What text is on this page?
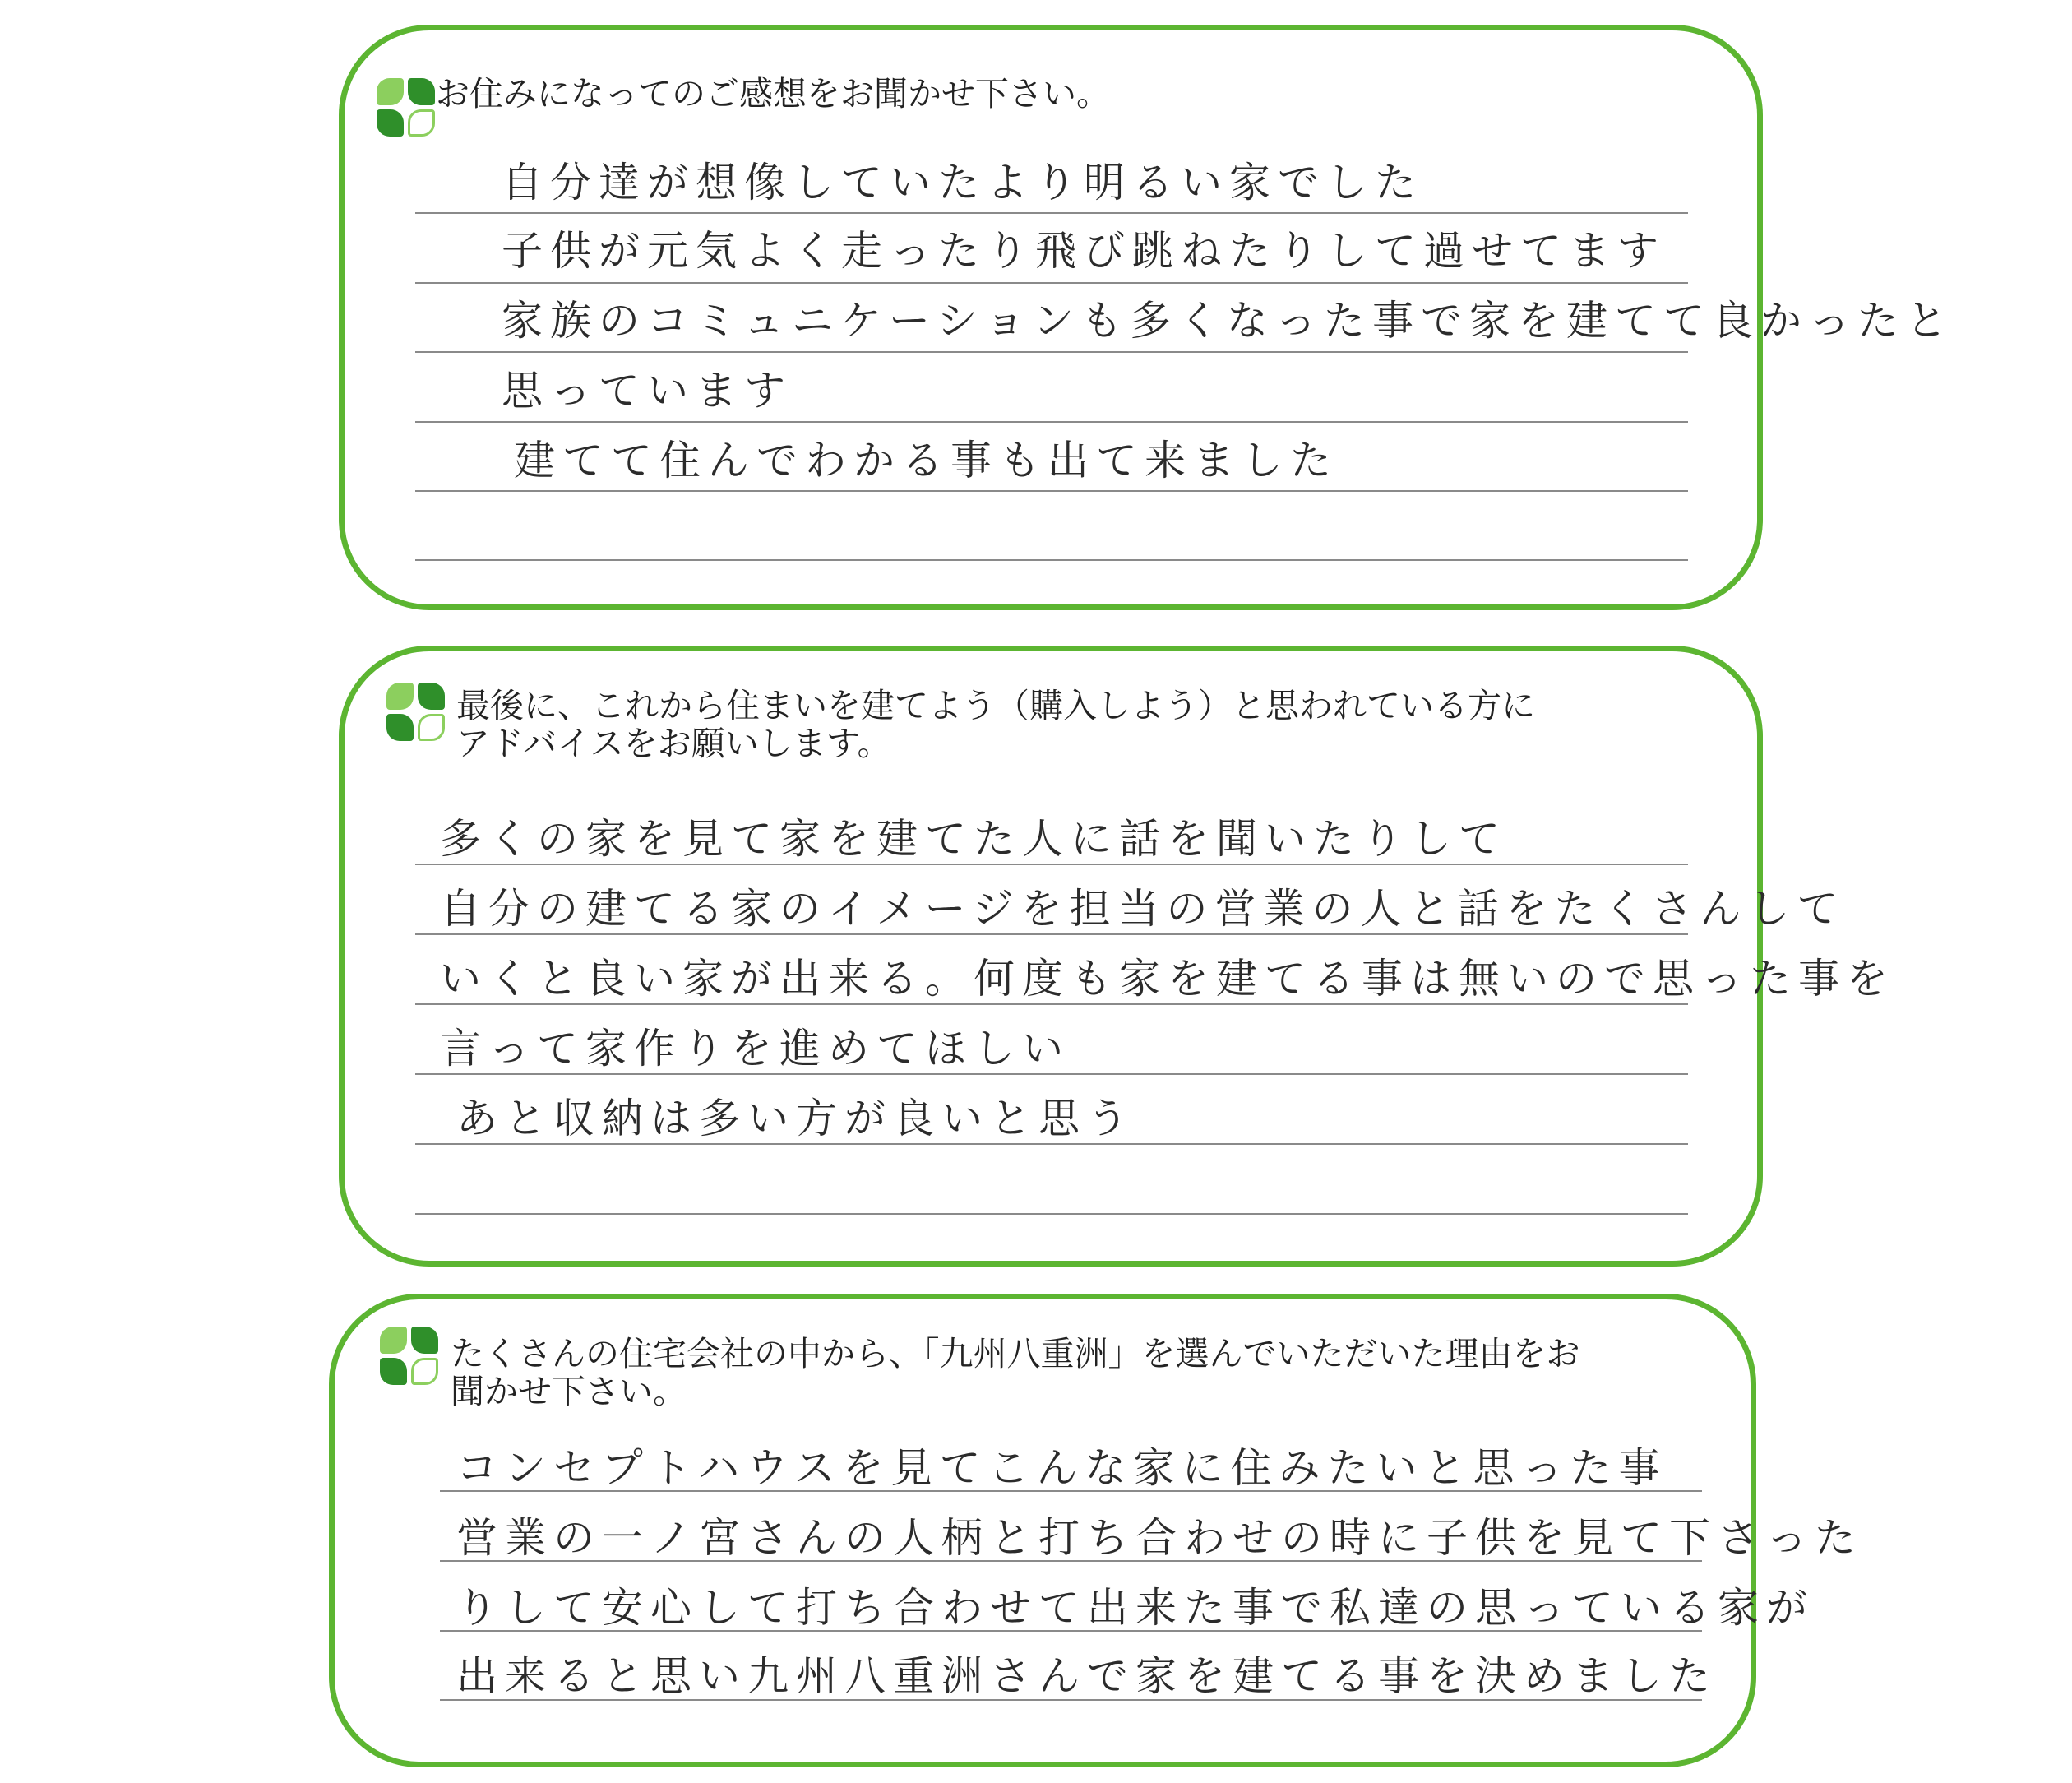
お住みになってのご感想をお聞かせ下さい。
自分達が想像していたより明るい家でした
子供が元気よく走ったり飛び跳ねたりして過せてます
家族のコミュニケーションも多くなった事で家を建てて良かったと
思っています
建てて住んでわかる事も出て来ました
最後に、これから住まいを建てよう（購入しよう）と思われている方に
アドバイスをお願いします。
多くの家を見て家を建てた人に話を聞いたりして
自分の建てる家のイメージを担当の営業の人と話をたくさんして
いくと良い家が出来る。何度も家を建てる事は無いので思った事を
言って家作りを進めてほしい
あと収納は多い方が良いと思う
たくさんの住宅会社の中から、「九州八重洲」を選んでいただいた理由をお
聞かせ下さい。
コンセプトハウスを見てこんな家に住みたいと思った事
営業の一ノ宮さんの人柄と打ち合わせの時に子供を見て下さった
りして安心して打ち合わせて出来た事で私達の思っている家が
出来ると思い九州八重洲さんで家を建てる事を決めました
